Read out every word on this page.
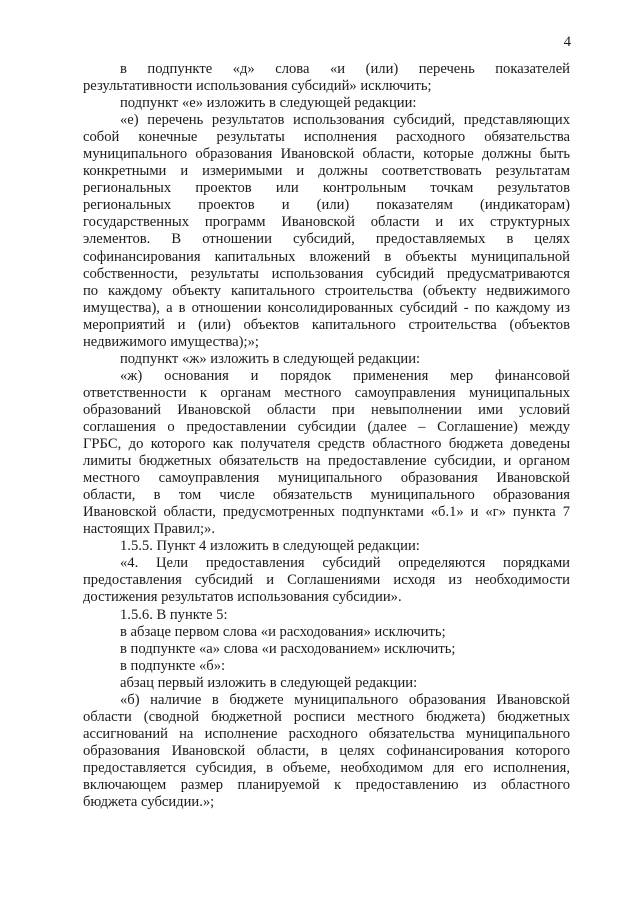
4
в подпункте «д» слова «и (или) перечень показателей
результативности использования субсидий» исключить;
подпункт «е» изложить в следующей редакции:
«е) перечень результатов использования субсидий, представляющих
собой конечные результаты исполнения расходного обязательства
муниципального образования Ивановской области, которые должны быть
конкретными и измеримыми и должны соответствовать результатам
региональных проектов или контрольным точкам результатов
региональных проектов и (или) показателям (индикаторам)
государственных программ Ивановской области и их структурных
элементов. В отношении субсидий, предоставляемых в целях
софинансирования капитальных вложений в объекты муниципальной
собственности, результаты использования субсидий предусматриваются
по каждому объекту капитального строительства (объекту недвижимого
имущества), а в отношении консолидированных субсидий - по каждому из
мероприятий и (или) объектов капитального строительства (объектов
недвижимого имущества);»;
подпункт «ж» изложить в следующей редакции:
«ж) основания и порядок применения мер финансовой
ответственности к органам местного самоуправления муниципальных
образований Ивановской области при невыполнении ими условий
соглашения о предоставлении субсидии (далее – Соглашение) между
ГРБС, до которого как получателя средств областного бюджета доведены
лимиты бюджетных обязательств на предоставление субсидии, и органом
местного самоуправления муниципального образования Ивановской
области, в том числе обязательств муниципального образования
Ивановской области, предусмотренных подпунктами «б.1» и «г» пункта 7
настоящих Правил;».
1.5.5. Пункт 4 изложить в следующей редакции:
«4. Цели предоставления субсидий определяются порядками
предоставления субсидий и Соглашениями исходя из необходимости
достижения результатов использования субсидии».
1.5.6. В пункте 5:
в абзаце первом слова «и расходования» исключить;
в подпункте «а» слова «и расходованием» исключить;
в подпункте «б»:
абзац первый изложить в следующей редакции:
«б) наличие в бюджете муниципального образования Ивановской
области (сводной бюджетной росписи местного бюджета) бюджетных
ассигнований на исполнение расходного обязательства муниципального
образования Ивановской области, в целях софинансирования которого
предоставляется субсидия, в объеме, необходимом для его исполнения,
включающем размер планируемой к предоставлению из областного
бюджета субсидии.»;
